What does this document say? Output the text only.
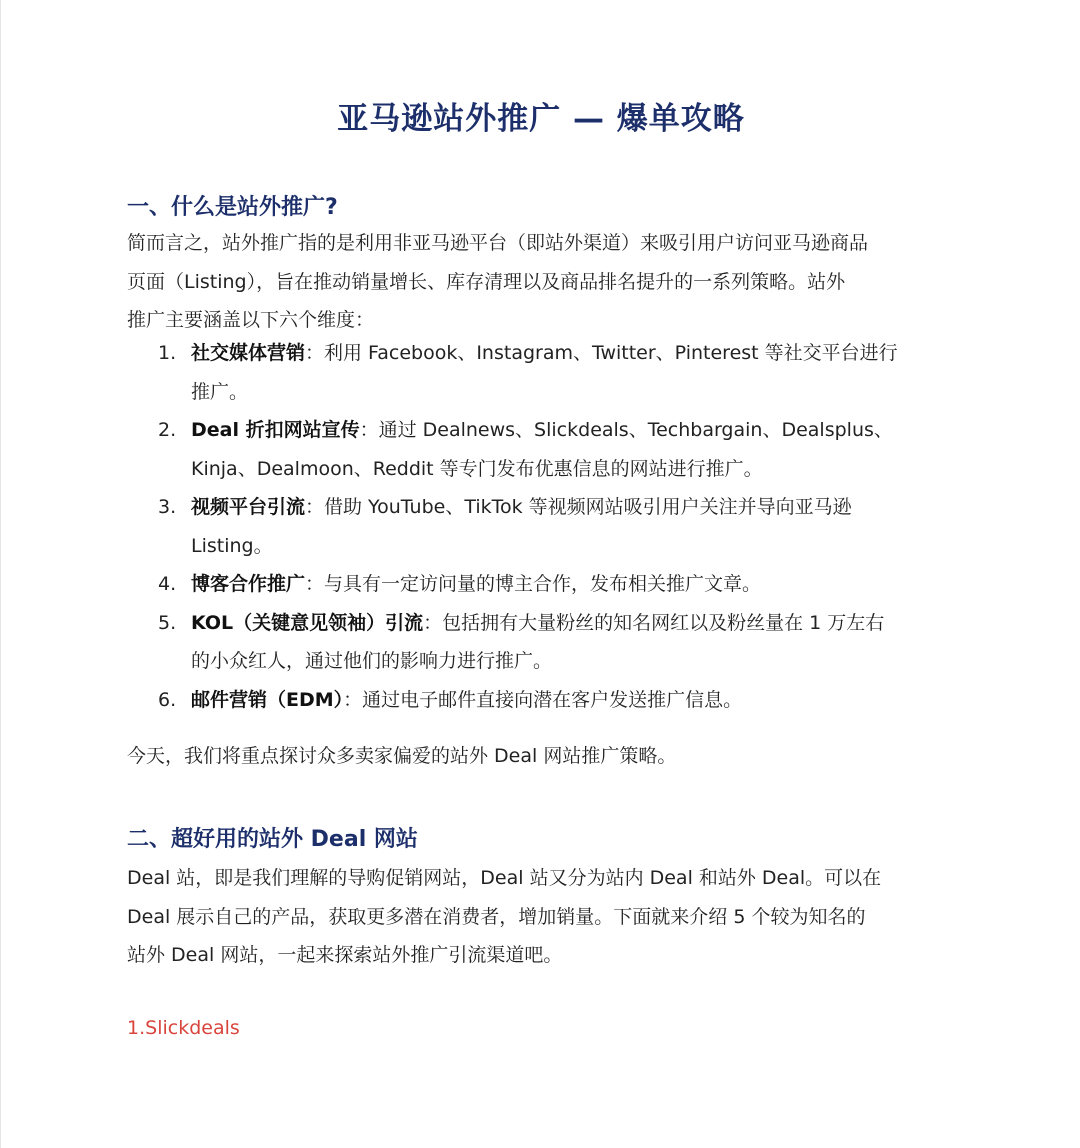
亚马逊站外推广 — 爆单攻略
一、什么是站外推广?

简而言之，站外推广指的是利用非亚马逊平台（即站外渠道）来吸引用户访问亚马逊商品
页面（Listing），旨在推动销量增长、库存清理以及商品排名提升的一系列策略。站外
推广主要涵盖以下六个维度：

1. 社交媒体营销：利用 Facebook、Instagram、Twitter、Pinterest 等社交平台进行
推广。
2. Deal 折扣网站宣传：通过 Dealnews、Slickdeals、Techbargain、Dealsplus、
Kinja、Dealmoon、Reddit 等专门发布优惠信息的网站进行推广。
3. 视频平台引流：借助 YouTube、TikTok 等视频网站吸引用户关注并导向亚马逊
Listing。
4. 博客合作推广：与具有一定访问量的博主合作，发布相关推广文章。
5. KOL（关键意见领袖）引流：包括拥有大量粉丝的知名网红以及粉丝量在 1 万左右
的小众红人，通过他们的影响力进行推广。
6. 邮件营销（EDM）：通过电子邮件直接向潜在客户发送推广信息。

今天，我们将重点探讨众多卖家偏爱的站外 Deal 网站推广策略。

二、超好用的站外 Deal 网站

Deal 站，即是我们理解的导购促销网站，Deal 站又分为站内 Deal 和站外 Deal。可以在
Deal 展示自己的产品，获取更多潜在消费者，增加销量。下面就来介绍 5 个较为知名的
站外 Deal 网站，一起来探索站外推广引流渠道吧。

1.Slickdeals
